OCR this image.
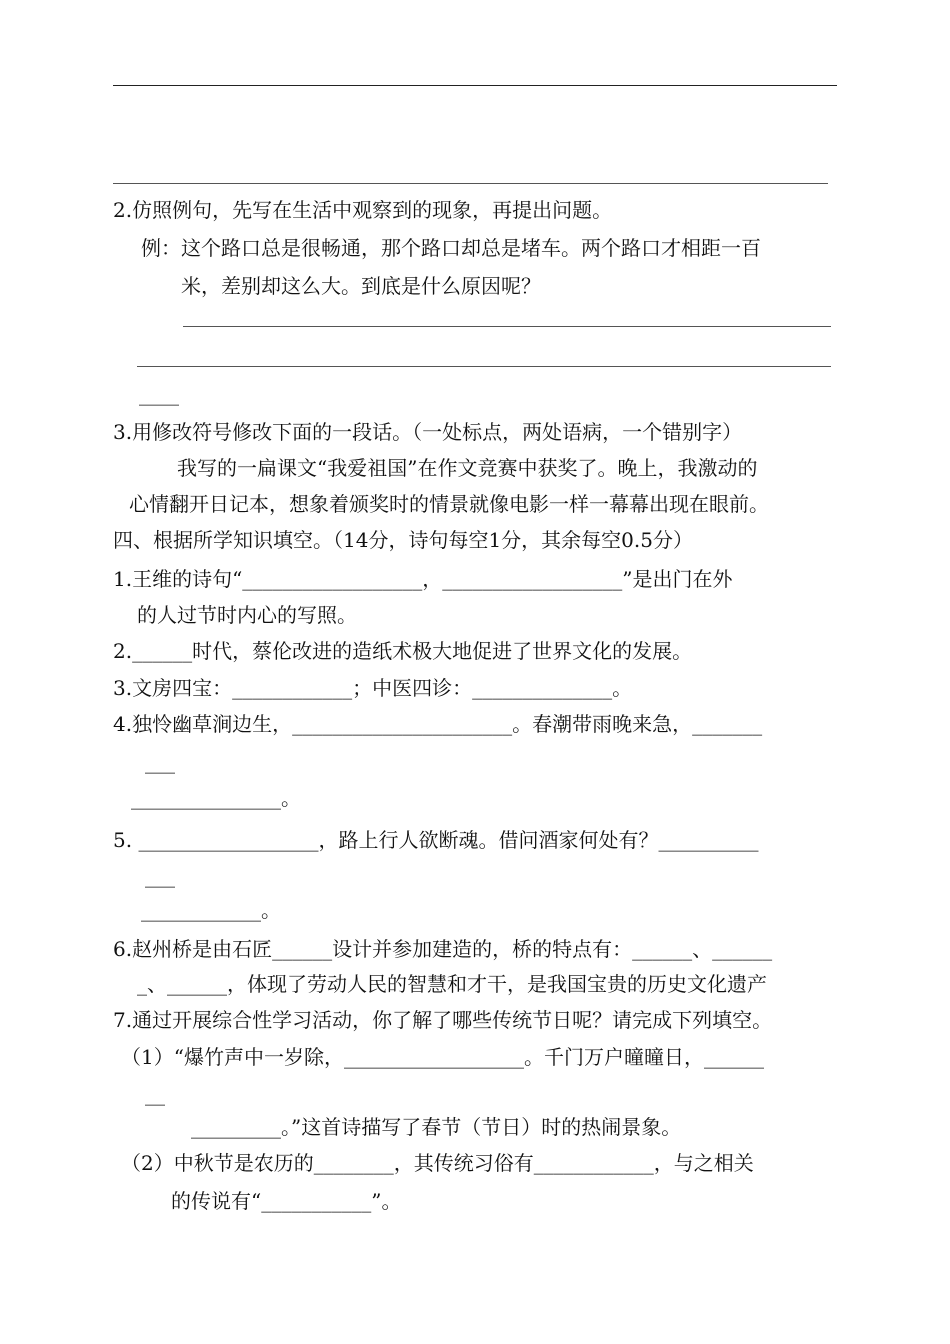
2.仿照例句，先写在生活中观察到的现象，再提出问题。
例：这个路口总是很畅通，那个路口却总是堵车。两个路口才相距一百
米，差别却这么大。到底是什么原因呢？
____
3.用修改符号修改下面的一段话。（一处标点，两处语病，一个错别字）
我写的一扁课文“我爱祖国”在作文竞赛中获奖了。晚上，我激动的
心情翻开日记本，想象着颁奖时的情景就像电影一样一幕幕出现在眼前。
四、根据所学知识填空。（14分，诗句每空1分，其余每空0.5分）
1.王维的诗句“__________________，__________________”是出门在外
的人过节时内心的写照。
2.______时代，蔡伦改进的造纸术极大地促进了世界文化的发展。
3.文房四宝：____________；中医四诊：______________。
4.独怜幽草涧边生，______________________。春潮带雨晚来急，_______
___
_______________。
5. __________________，路上行人欲断魂。借问酒家何处有？__________
___
____________。
6.赵州桥是由石匠______设计并参加建造的，桥的特点有：______、______
_、______，体现了劳动人民的智慧和才干，是我国宝贵的历史文化遗产
7.通过开展综合性学习活动，你了解了哪些传统节日呢？请完成下列填空。
（1）“爆竹声中一岁除，__________________。千门万户曈曈日，______
__
_________。”这首诗描写了春节（节日）时的热闹景象。
（2）中秋节是农历的________，其传统习俗有____________，与之相关
的传说有“___________”。
